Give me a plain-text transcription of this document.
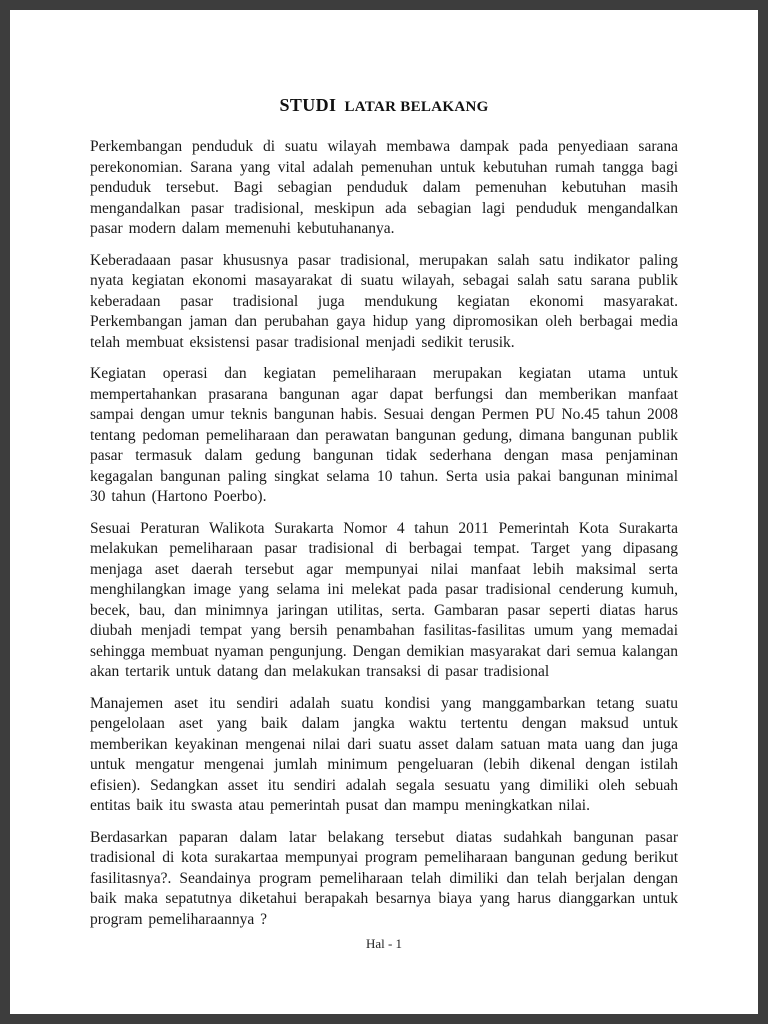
STUDI LATAR BELAKANG

Perkembangan penduduk di suatu wilayah membawa dampak pada penyediaan sarana perekonomian. Sarana yang vital adalah pemenuhan untuk kebutuhan rumah tangga bagi penduduk tersebut. Bagi sebagian penduduk dalam pemenuhan kebutuhan masih mengandalkan pasar tradisional, meskipun ada sebagian lagi penduduk mengandalkan pasar modern dalam memenuhi kebutuhananya.

Keberadaaan pasar khususnya pasar tradisional, merupakan salah satu indikator paling nyata kegiatan ekonomi masayarakat di suatu wilayah, sebagai salah satu sarana publik keberadaan pasar tradisional juga mendukung kegiatan ekonomi masyarakat. Perkembangan jaman dan perubahan gaya hidup yang dipromosikan oleh berbagai media telah membuat eksistensi pasar tradisional menjadi sedikit terusik.

Kegiatan operasi dan kegiatan pemeliharaan merupakan kegiatan utama untuk mempertahankan prasarana bangunan agar dapat berfungsi dan memberikan manfaat sampai dengan umur teknis bangunan habis. Sesuai dengan Permen PU No.45 tahun 2008 tentang pedoman pemeliharaan dan perawatan bangunan gedung, dimana bangunan publik pasar termasuk dalam gedung bangunan tidak sederhana dengan masa penjaminan kegagalan bangunan paling singkat selama 10 tahun. Serta usia pakai bangunan minimal 30 tahun (Hartono Poerbo).

Sesuai Peraturan Walikota Surakarta Nomor 4 tahun 2011 Pemerintah Kota Surakarta melakukan pemeliharaan pasar tradisional di berbagai tempat. Target yang dipasang menjaga aset daerah tersebut agar mempunyai nilai manfaat lebih maksimal serta menghilangkan image yang selama ini melekat pada pasar tradisional cenderung kumuh, becek, bau, dan minimnya jaringan utilitas, serta. Gambaran pasar seperti diatas harus diubah menjadi tempat yang bersih penambahan fasilitas-fasilitas umum yang memadai sehingga membuat nyaman pengunjung. Dengan demikian masyarakat dari semua kalangan akan tertarik untuk datang dan melakukan transaksi di pasar tradisional

Manajemen aset itu sendiri adalah suatu kondisi yang manggambarkan tetang suatu pengelolaan aset yang baik dalam jangka waktu tertentu dengan maksud untuk memberikan keyakinan mengenai nilai dari suatu asset dalam satuan mata uang dan juga untuk mengatur mengenai jumlah minimum pengeluaran (lebih dikenal dengan istilah efisien). Sedangkan asset itu sendiri adalah segala sesuatu yang dimiliki oleh sebuah entitas baik itu swasta atau pemerintah pusat dan mampu meningkatkan nilai.

Berdasarkan paparan dalam latar belakang tersebut diatas sudahkah bangunan pasar tradisional di kota surakartaa mempunyai program pemeliharaan bangunan gedung berikut fasilitasnya?. Seandainya program pemeliharaan telah dimiliki dan telah berjalan dengan baik maka sepatutnya diketahui berapakah besarnya biaya yang harus dianggarkan untuk program pemeliharaannya ?

Hal - 1
